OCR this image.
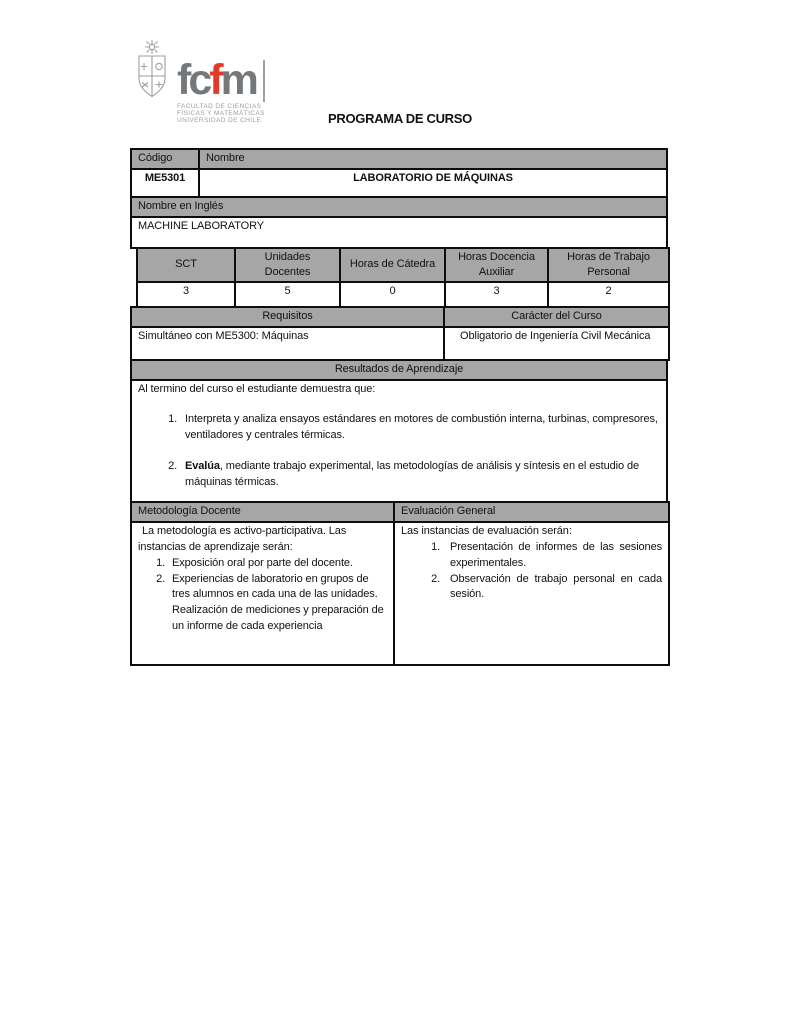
fcfm
FACULTAD DE CIENCIAS
FÍSICAS Y MATEMÁTICAS
UNIVERSIDAD DE CHILE	PROGRAMA DE CURSO
Código	Nombre
ME5301	LABORATORIO DE MÁQUINAS
Nombre en Inglés
MACHINE LABORATORY
SCT	Unidades Docentes	Horas de Cátedra	Horas Docencia Auxiliar	Horas de Trabajo Personal
3	5	0	3	2
Requisitos	Carácter del Curso
Simultáneo con ME5300: Máquinas	Obligatorio de Ingeniería Civil Mecánica
Resultados de Aprendizaje

Al termino del curso el estudiante demuestra que:
1. Interpreta y analiza ensayos estándares en motores de combustión interna, turbinas, compresores, ventiladores y centrales térmicas.
2. Evalúa, mediante trabajo experimental, las metodologías de análisis y síntesis en el estudio de máquinas térmicas.
Metodología Docente	Evaluación General

La metodología es activo-participativa. Las instancias de aprendizaje serán:
1. Exposición oral por parte del docente.
2. Experiencias de laboratorio en grupos de tres alumnos en cada una de las unidades. Realización de mediciones y preparación de un informe de cada experiencia

Las instancias de evaluación serán:
1. Presentación de informes de las sesiones experimentales.
2. Observación de trabajo personal en cada sesión.
